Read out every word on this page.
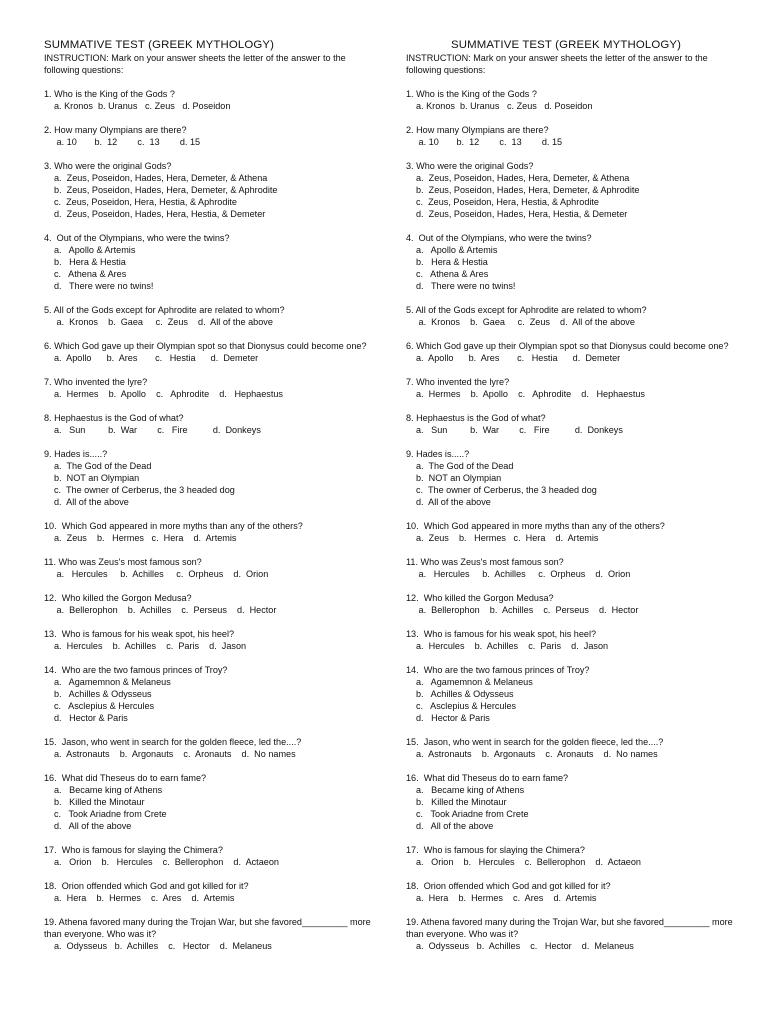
SUMMATIVE TEST (GREEK MYTHOLOGY)
INSTRUCTION: Mark on your answer sheets the letter of the answer to the following questions:
1. Who is the King of the Gods ?
a. Kronos  b. Uranus   c. Zeus   d. Poseidon
2. How many Olympians are there?
a. 10       b.  12        c.  13        d. 15
3. Who were the original Gods?
a.  Zeus, Poseidon, Hades, Hera, Demeter, & Athena
b.  Zeus, Poseidon, Hades, Hera, Demeter, & Aphrodite
c.  Zeus, Poseidon, Hera, Hestia, & Aphrodite
d.  Zeus, Poseidon, Hades, Hera, Hestia, & Demeter
4.  Out of the Olympians, who were the twins?
a.   Apollo & Artemis
b.   Hera & Hestia
c.   Athena & Ares
d.   There were no twins!
5. All of the Gods except for Aphrodite are related to whom?
a.  Kronos    b.  Gaea     c.  Zeus    d.  All of the above
6. Which God gave up their Olympian spot so that Dionysus could become one?
a.  Apollo      b.  Ares       c.   Hestia      d.  Demeter
7. Who invented the lyre?
a.  Hermes    b.  Apollo    c.   Aphrodite    d.   Hephaestus
8. Hephaestus is the God of what?
a.   Sun         b.  War        c.   Fire          d.  Donkeys
9. Hades is.....?
a.  The God of the Dead
b.  NOT an Olympian
c.  The owner of Cerberus, the 3 headed dog
d.  All of the above
10.  Which God appeared in more myths than any of the others?
a.  Zeus    b.   Hermes   c.  Hera    d.  Artemis
11. Who was Zeus's most famous son?
a.   Hercules     b.  Achilles     c.  Orpheus    d.  Orion
12.  Who killed the Gorgon Medusa?
a.  Bellerophon    b.  Achilles    c.  Perseus    d.  Hector
13.  Who is famous for his weak spot, his heel?
a.  Hercules    b.  Achilles    c.  Paris    d.  Jason
14.  Who are the two famous princes of Troy?
a.   Agamemnon & Melaneus
b.   Achilles & Odysseus
c.   Asclepius & Hercules
d.   Hector & Paris
15.  Jason, who went in search for the golden fleece, led the....?
a.  Astronauts    b.  Argonauts    c.  Aronauts    d.  No names
16.  What did Theseus do to earn fame?
a.   Became king of Athens
b.   Killed the Minotaur
c.   Took Ariadne from Crete
d.   All of the above
17.  Who is famous for slaying the Chimera?
a.   Orion    b.   Hercules    c.  Bellerophon    d.  Actaeon
18.  Orion offended which God and got killed for it?
a.  Hera    b.  Hermes    c.  Ares    d.  Artemis
19. Athena favored many during the Trojan War, but she favored_________ more than everyone. Who was it?
a.  Odysseus   b.  Achilles    c.   Hector    d.  Melaneus
SUMMATIVE TEST (GREEK MYTHOLOGY)
INSTRUCTION: Mark on your answer sheets the letter of the answer to the following questions:
1. Who is the King of the Gods ?
a. Kronos  b. Uranus   c. Zeus   d. Poseidon
2. How many Olympians are there?
a. 10       b.  12        c.  13        d. 15
3. Who were the original Gods?
a.  Zeus, Poseidon, Hades, Hera, Demeter, & Athena
b.  Zeus, Poseidon, Hades, Hera, Demeter, & Aphrodite
c.  Zeus, Poseidon, Hera, Hestia, & Aphrodite
d.  Zeus, Poseidon, Hades, Hera, Hestia, & Demeter
4.  Out of the Olympians, who were the twins?
a.   Apollo & Artemis
b.   Hera & Hestia
c.   Athena & Ares
d.   There were no twins!
5. All of the Gods except for Aphrodite are related to whom?
a.  Kronos    b.  Gaea     c.  Zeus    d.  All of the above
6. Which God gave up their Olympian spot so that Dionysus could become one?
a.  Apollo      b.  Ares       c.   Hestia      d.  Demeter
7. Who invented the lyre?
a.  Hermes    b.  Apollo    c.   Aphrodite    d.   Hephaestus
8. Hephaestus is the God of what?
a.   Sun         b.  War        c.   Fire          d.  Donkeys
9. Hades is.....?
a.  The God of the Dead
b.  NOT an Olympian
c.  The owner of Cerberus, the 3 headed dog
d.  All of the above
10.  Which God appeared in more myths than any of the others?
a.  Zeus    b.   Hermes   c.  Hera    d.  Artemis
11. Who was Zeus's most famous son?
a.   Hercules     b.  Achilles     c.  Orpheus    d.  Orion
12.  Who killed the Gorgon Medusa?
a.  Bellerophon    b.  Achilles    c.  Perseus    d.  Hector
13.  Who is famous for his weak spot, his heel?
a.  Hercules    b.  Achilles    c.  Paris    d.  Jason
14.  Who are the two famous princes of Troy?
a.   Agamemnon & Melaneus
b.   Achilles & Odysseus
c.   Asclepius & Hercules
d.   Hector & Paris
15.  Jason, who went in search for the golden fleece, led the....?
a.  Astronauts    b.  Argonauts    c.  Aronauts    d.  No names
16.  What did Theseus do to earn fame?
a.   Became king of Athens
b.   Killed the Minotaur
c.   Took Ariadne from Crete
d.   All of the above
17.  Who is famous for slaying the Chimera?
a.   Orion    b.   Hercules    c.  Bellerophon    d.  Actaeon
18.  Orion offended which God and got killed for it?
a.  Hera    b.  Hermes    c.  Ares    d.  Artemis
19. Athena favored many during the Trojan War, but she favored_________ more than everyone. Who was it?
a.  Odysseus   b.  Achilles    c.   Hector    d.  Melaneus
